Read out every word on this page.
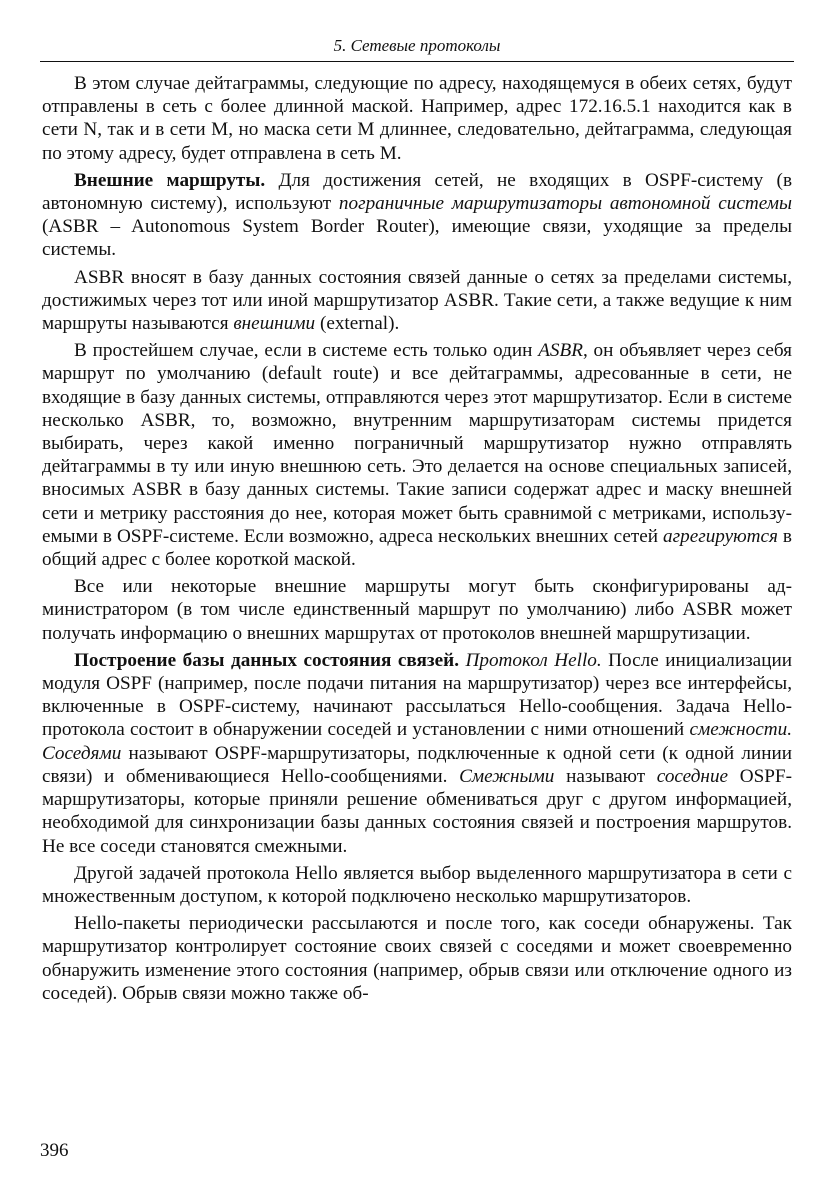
5. Сетевые протоколы

В этом случае дейтаграммы, следующие по адресу, находящемуся в обеих сетях, будут отправлены в сеть с более длинной маской. Например, адрес 172.16.5.1 находится как в сети N, так и в сети M, но маска сети M длиннее, следовательно, дейтаграмма, следующая по этому адресу, будет отправлена в сеть M.

Внешние маршруты. Для достижения сетей, не входящих в OSPF-систему (в автономную систему), используют пограничные маршрутизаторы автономной системы (ASBR – Autonomous System Border Router), имеющие связи, уходящие за пределы системы.

ASBR вносят в базу данных состояния связей данные о сетях за пределами системы, достижимых через тот или иной маршрутизатор ASBR. Такие сети, а также ведущие к ним маршруты называются внешними (external).

В простейшем случае, если в системе есть только один ASBR, он объявляет через себя маршрут по умолчанию (default route) и все дейтаграммы, адресованные в сети, не входящие в базу данных системы, отправляются через этот маршрутизатор. Если в системе несколько ASBR, то, возможно, внутренним маршрутизаторам системы придется выбирать, через какой именно пограничный маршрутизатор нужно отправлять дейтаграммы в ту или иную внешнюю сеть. Это делается на основе специальных записей, вносимых ASBR в базу данных системы. Такие записи содержат адрес и маску внешней сети и метрику расстояния до нее, которая может быть сравнимой с метриками, используемыми в OSPF-системе. Если возможно, адреса нескольких внешних сетей агрегируются в общий адрес с более короткой маской.

Все или некоторые внешние маршруты могут быть сконфигурированы администратором (в том числе единственный маршрут по умолчанию) либо ASBR может получать информацию о внешних маршрутах от протоколов внешней маршрутизации.

Построение базы данных состояния связей. Протокол Hello. После инициализации модуля OSPF (например, после подачи питания на маршрутизатор) через все интерфейсы, включенные в OSPF-систему, начинают рассылаться Hello-сообщения. Задача Hello-протокола состоит в обнаружении соседей и установлении с ними отношений смежности. Соседями называют OSPF-маршрутизаторы, подключенные к одной сети (к одной линии связи) и обменивающиеся Hello-сообщениями. Смежными называют соседние OSPF-маршрутизаторы, которые приняли решение обмениваться друг с другом информацией, необходимой для синхронизации базы данных состояния связей и построения маршрутов. Не все соседи становятся смежными.

Другой задачей протокола Hello является выбор выделенного маршрутизатора в сети с множественным доступом, к которой подключено несколько маршрутизаторов.

Hello-пакеты периодически рассылаются и после того, как соседи обнаружены. Так маршрутизатор контролирует состояние своих связей с соседями и может своевременно обнаружить изменение этого состояния (например, обрыв связи или отключение одного из соседей). Обрыв связи можно также об-

396
